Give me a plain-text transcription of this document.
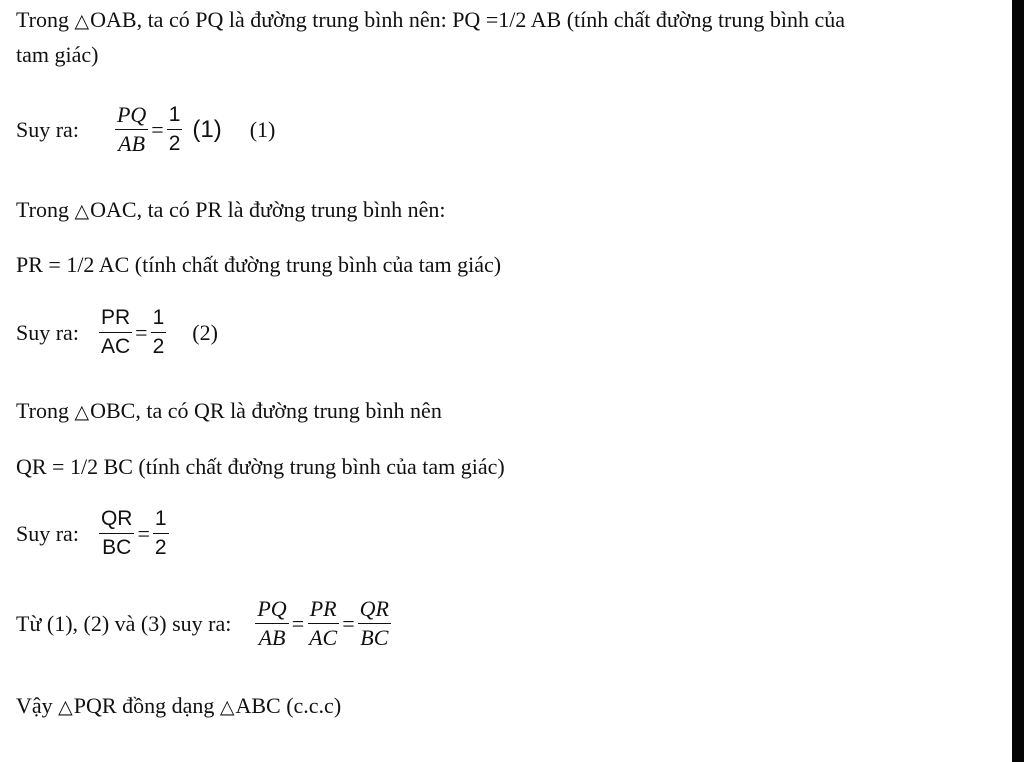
Trong △OAB, ta có PQ là đường trung bình nên: PQ =1/2 AB (tính chất đường trung bình của
tam giác)
Suy ra: $\frac{PQ}{AB} = \frac{1}{2} (1)$ (1)
Trong △OAC, ta có PR là đường trung bình nên:
PR = 1/2 AC (tính chất đường trung bình của tam giác)
Suy ra: $\frac{PR}{AC} = \frac{1}{2} (2)$
Trong △OBC, ta có QR là đường trung bình nên
QR = 1/2 BC (tính chất đường trung bình của tam giác)
Suy ra: $\frac{QR}{BC} = \frac{1}{2}$
Từ (1), (2) và (3) suy ra: $\frac{PQ}{AB} = \frac{PR}{AC} = \frac{QR}{BC}$
Vậy △PQR đồng dạng △ABC (c.c.c)
